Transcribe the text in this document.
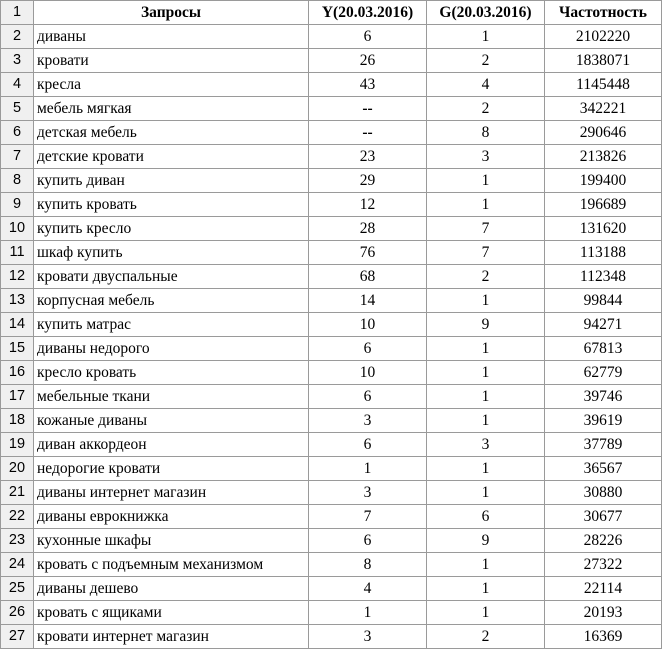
1	Запросы	Y(20.03.2016)	G(20.03.2016)	Частотность
2	диваны	6	1	2102220
3	кровати	26	2	1838071
4	кресла	43	4	1145448
5	мебель мягкая	--	2	342221
6	детская мебель	--	8	290646
7	детские кровати	23	3	213826
8	купить диван	29	1	199400
9	купить кровать	12	1	196689
10	купить кресло	28	7	131620
11	шкаф купить	76	7	113188
12	кровати двуспальные	68	2	112348
13	корпусная мебель	14	1	99844
14	купить матрас	10	9	94271
15	диваны недорого	6	1	67813
16	кресло кровать	10	1	62779
17	мебельные ткани	6	1	39746
18	кожаные диваны	3	1	39619
19	диван аккордеон	6	3	37789
20	недорогие кровати	1	1	36567
21	диваны интернет магазин	3	1	30880
22	диваны еврокнижка	7	6	30677
23	кухонные шкафы	6	9	28226
24	кровать с подъемным механизмом	8	1	27322
25	диваны дешево	4	1	22114
26	кровать с ящиками	1	1	20193
27	кровати интернет магазин	3	2	16369
